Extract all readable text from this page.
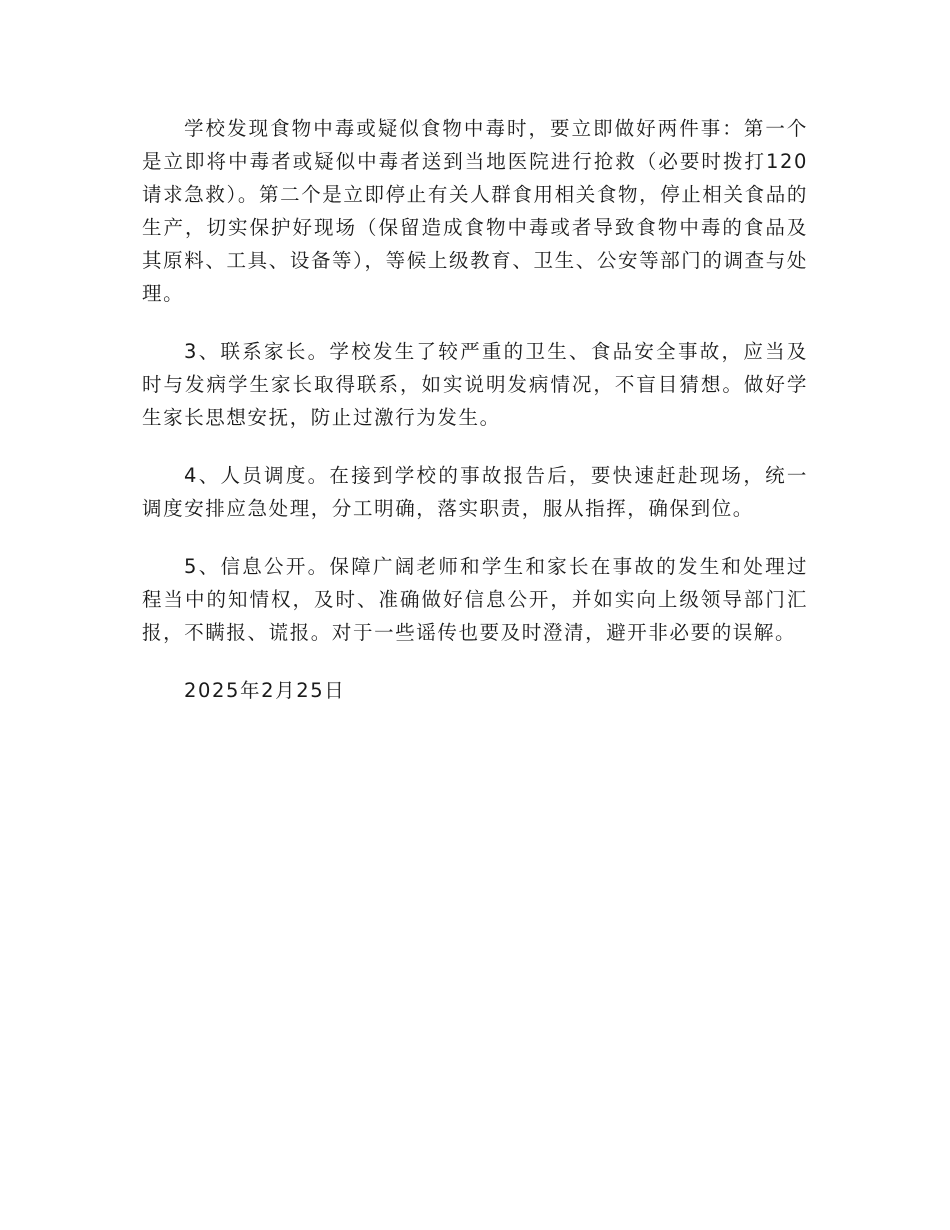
学校发现食物中毒或疑似食物中毒时，要立即做好两件事：第一个是立即将中毒者或疑似中毒者送到当地医院进行抢救（必要时拨打120请求急救）。第二个是立即停止有关人群食用相关食物，停止相关食品的生产，切实保护好现场（保留造成食物中毒或者导致食物中毒的食品及其原料、工具、设备等），等候上级教育、卫生、公安等部门的调查与处理。

3、联系家长。学校发生了较严重的卫生、食品安全事故，应当及时与发病学生家长取得联系，如实说明发病情况，不盲目猜想。做好学生家长思想安抚，防止过激行为发生。

4、人员调度。在接到学校的事故报告后，要快速赶赴现场，统一调度安排应急处理，分工明确，落实职责，服从指挥，确保到位。

5、信息公开。保障广阔老师和学生和家长在事故的发生和处理过程当中的知情权，及时、准确做好信息公开，并如实向上级领导部门汇报，不瞒报、谎报。对于一些谣传也要及时澄清，避开非必要的误解。

2025年2月25日
